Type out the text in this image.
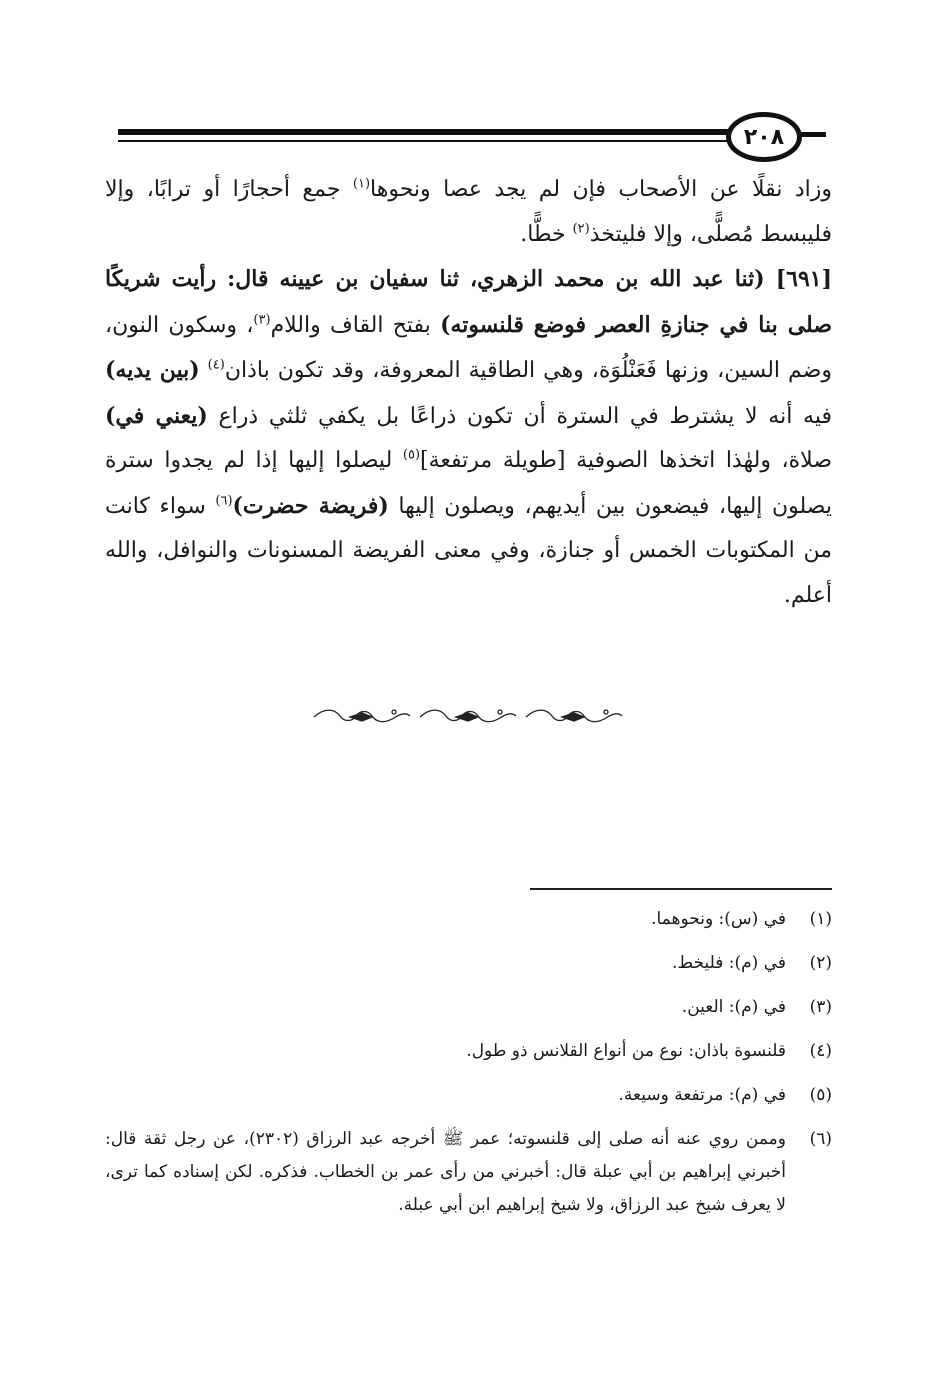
٢٠٨

وزاد نقلًا عن الأصحاب فإن لم يجد عصا ونحوها$^{(١)}$ جمع أحجارًا أو ترابًا، وإلا فليبسط مُصلًّى، وإلا فليتخذ$^{(٢)}$ خطًّا.

[٦٩١] (ثنا عبد الله بن محمد الزهري، ثنا سفيان بن عيينه قال: رأيت شريكًا صلى بنا في جنازةِ العصر فوضع قلنسوته) بفتح القاف واللام$^{(٣)}$، وسكون النون، وضم السين، وزنها فَعَنْلُوَة، وهي الطاقية المعروفة، وقد تكون باذان$^{(٤)}$ (بين يديه) فيه أنه لا يشترط في السترة أن تكون ذراعًا بل يكفي ثلثي ذراع (يعني في) صلاة، ولهٰذا اتخذها الصوفية [طويلة مرتفعة]$^{(٥)}$ ليصلوا إليها إذا لم يجدوا سترة يصلون إليها، فيضعون بين أيديهم، ويصلون إليها (فريضة حضرت)$^{(٦)}$ سواء كانت من المكتوبات الخمس أو جنازة، وفي معنى الفريضة المسنونات والنوافل، والله أعلم.

(١)
في (س): ونحوهما.
(٢)
في (م): فليخط.
(٣)
في (م): العين.
(٤)
قلنسوة باذان: نوع من أنواع القلانس ذو طول.
(٥)
في (م): مرتفعة وسيعة.
(٦)
وممن روي عنه أنه صلى إلى قلنسوته؛ عمر ﷺ أخرجه عبد الرزاق (٢٣٠٢)، عن رجل ثقة قال: أخبرني إبراهيم بن أبي عبلة قال: أخبرني من رأى عمر بن الخطاب. فذكره. لكن إسناده كما ترى، لا يعرف شيخ عبد الرزاق، ولا شيخ إبراهيم ابن أبي عبلة.
